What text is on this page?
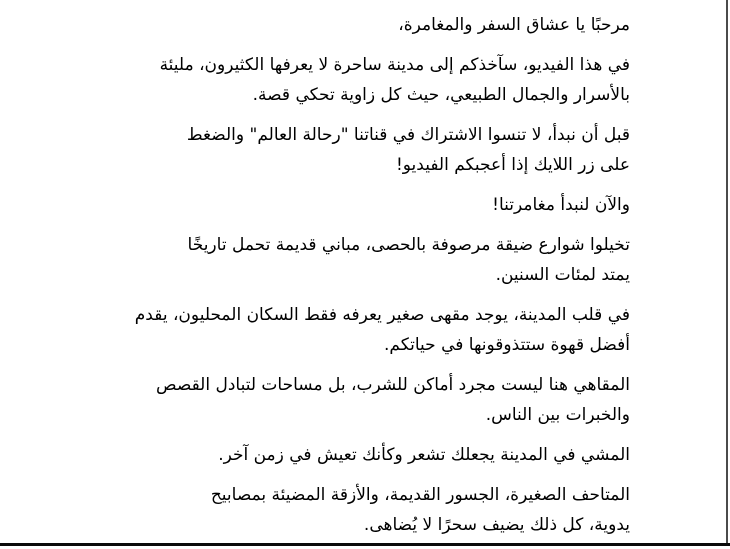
مرحبًا يا عشاق السفر والمغامرة،

في هذا الفيديو، سآخذكم إلى مدينة ساحرة لا يعرفها الكثيرون، مليئة
بالأسرار والجمال الطبيعي، حيث كل زاوية تحكي قصة.

قبل أن نبدأ، لا تنسوا الاشتراك في قناتنا "رحالة العالم" والضغط
على زر اللايك إذا أعجبكم الفيديو!

والآن لنبدأ مغامرتنا!

تخيلوا شوارع ضيقة مرصوفة بالحصى، مباني قديمة تحمل تاريخًا
يمتد لمئات السنين.

في قلب المدينة، يوجد مقهى صغير يعرفه فقط السكان المحليون، يقدم
أفضل قهوة ستتذوقونها في حياتكم.

المقاهي هنا ليست مجرد أماكن للشرب، بل مساحات لتبادل القصص
والخبرات بين الناس.

المشي في المدينة يجعلك تشعر وكأنك تعيش في زمن آخر.

المتاحف الصغيرة، الجسور القديمة، والأزقة المضيئة بمصابيح
يدوية، كل ذلك يضيف سحرًا لا يُضاهى.
